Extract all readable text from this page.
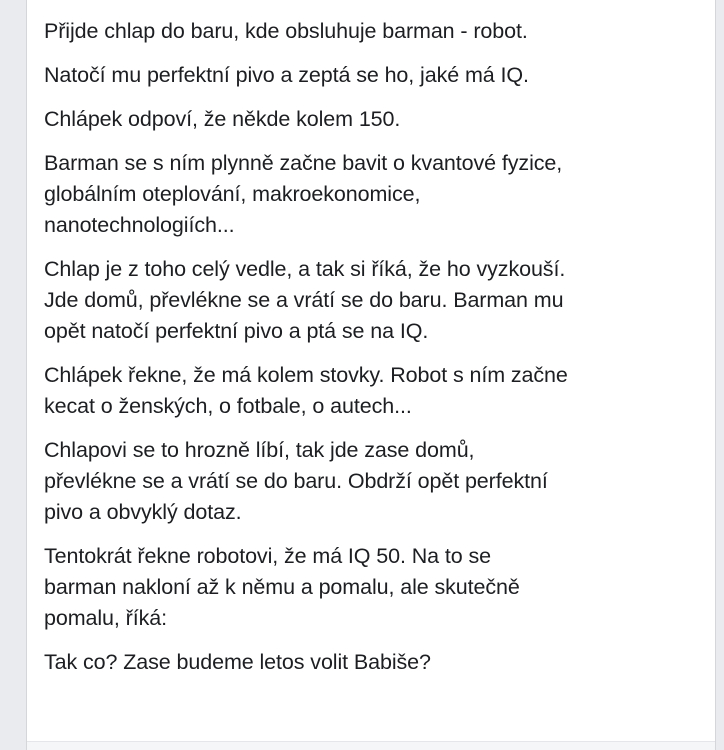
Přijde chlap do baru, kde obsluhuje barman - robot.

Natočí mu perfektní pivo a zeptá se ho, jaké má IQ.

Chlápek odpoví, že někde kolem 150.

Barman se s ním plynně začne bavit o kvantové fyzice,
globálním oteplování, makroekonomice,
nanotechnologiích...

Chlap je z toho celý vedle, a tak si říká, že ho vyzkouší.
Jde domů, převlékne se a vrátí se do baru. Barman mu
opět natočí perfektní pivo a ptá se na IQ.

Chlápek řekne, že má kolem stovky. Robot s ním začne
kecat o ženských, o fotbale, o autech...

Chlapovi se to hrozně líbí, tak jde zase domů,
převlékne se a vrátí se do baru. Obdrží opět perfektní
pivo a obvyklý dotaz.

Tentokrát řekne robotovi, že má IQ 50. Na to se
barman nakloní až k němu a pomalu, ale skutečně
pomalu, říká:

Tak co? Zase budeme letos volit Babiše?
